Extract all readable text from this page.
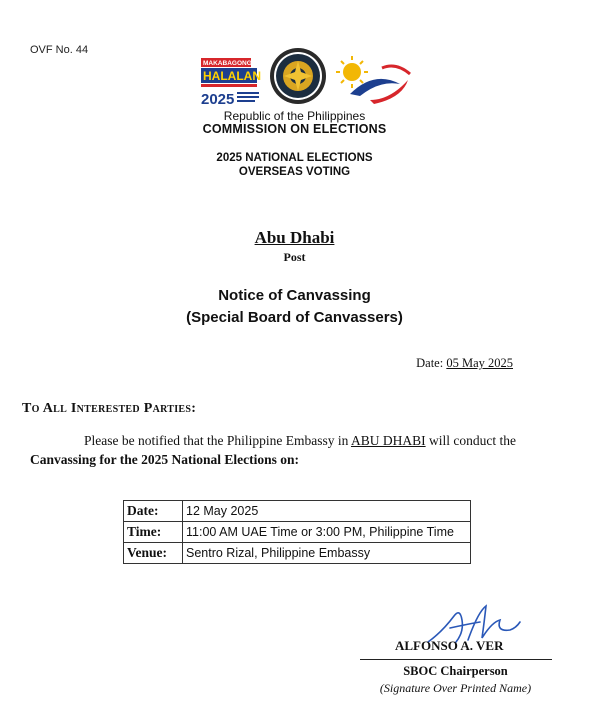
OVF No. 44
MAKABAGONG
HALALAN
2025
Republic of the Philippines
COMMISSION ON ELECTIONS
2025 NATIONAL ELECTIONS
OVERSEAS VOTING
Abu Dhabi
Post
Notice of Canvassing
(Special Board of Canvassers)
Date: 05 May 2025
To All Interested Parties:
Please be notified that the Philippine Embassy in ABU DHABI will conduct the
Canvassing for the 2025 National Elections on:
Date:	12 May 2025
Time:	11:00 AM UAE Time or 3:00 PM, Philippine Time
Venue:	Sentro Rizal, Philippine Embassy
ALFONSO A. VER
SBOC Chairperson
(Signature Over Printed Name)
